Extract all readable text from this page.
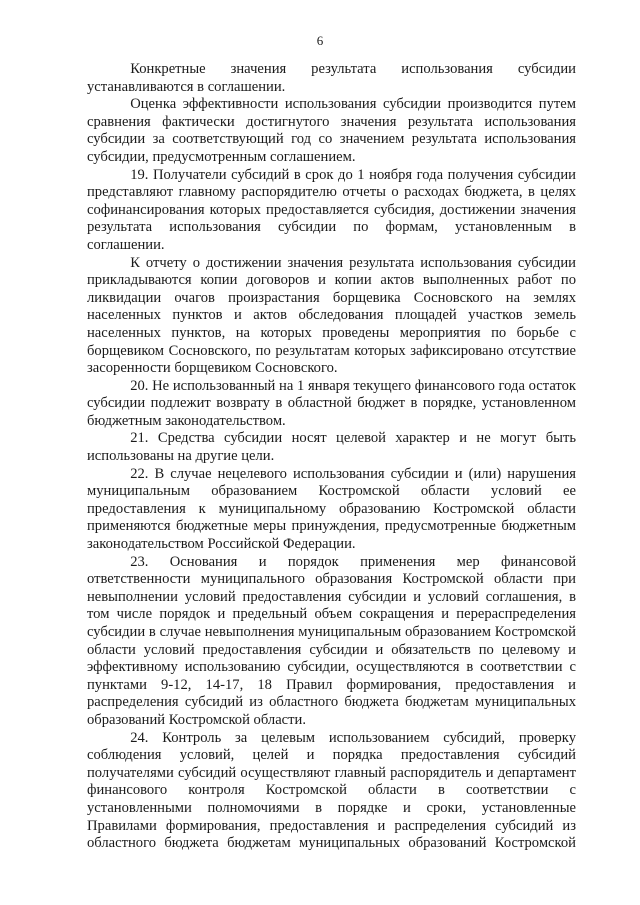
6

Конкретные значения результата использования субсидии устанавливаются в соглашении.

Оценка эффективности использования субсидии производится путем сравнения фактически достигнутого значения результата использования субсидии за соответствующий год со значением результата использования субсидии, предусмотренным соглашением.

19. Получатели субсидий в срок до 1 ноября года получения субсидии представляют главному распорядителю отчеты о расходах бюджета, в целях софинансирования которых предоставляется субсидия, достижении значения результата использования субсидии по формам, установленным в соглашении.

К отчету о достижении значения результата использования субсидии прикладываются копии договоров и копии актов выполненных работ по ликвидации очагов произрастания борщевика Сосновского на землях населенных пунктов и актов обследования площадей участков земель населенных пунктов, на которых проведены мероприятия по борьбе с борщевиком Сосновского, по результатам которых зафиксировано отсутствие засоренности борщевиком Сосновского.

20. Не использованный на 1 января текущего финансового года остаток субсидии подлежит возврату в областной бюджет в порядке, установленном бюджетным законодательством.

21. Средства субсидии носят целевой характер и не могут быть использованы на другие цели.

22. В случае нецелевого использования субсидии и (или) нарушения муниципальным образованием Костромской области условий ее предоставления к муниципальному образованию Костромской области применяются бюджетные меры принуждения, предусмотренные бюджетным законодательством Российской Федерации.

23. Основания и порядок применения мер финансовой ответственности муниципального образования Костромской области при невыполнении условий предоставления субсидии и условий соглашения, в том числе порядок и предельный объем сокращения и перераспределения субсидии в случае невыполнения муниципальным образованием Костромской области условий предоставления субсидии и обязательств по целевому и эффективному использованию субсидии, осуществляются в соответствии с пунктами 9-12, 14-17, 18 Правил формирования, предоставления и распределения субсидий из областного бюджета бюджетам муниципальных образований Костромской области.

24. Контроль за целевым использованием субсидий, проверку соблюдения условий, целей и порядка предоставления субсидий получателями субсидий осуществляют главный распорядитель и департамент финансового контроля Костромской области в соответствии с установленными полномочиями в порядке и сроки, установленные Правилами формирования, предоставления и распределения субсидий из областного бюджета бюджетам муниципальных образований Костромской
